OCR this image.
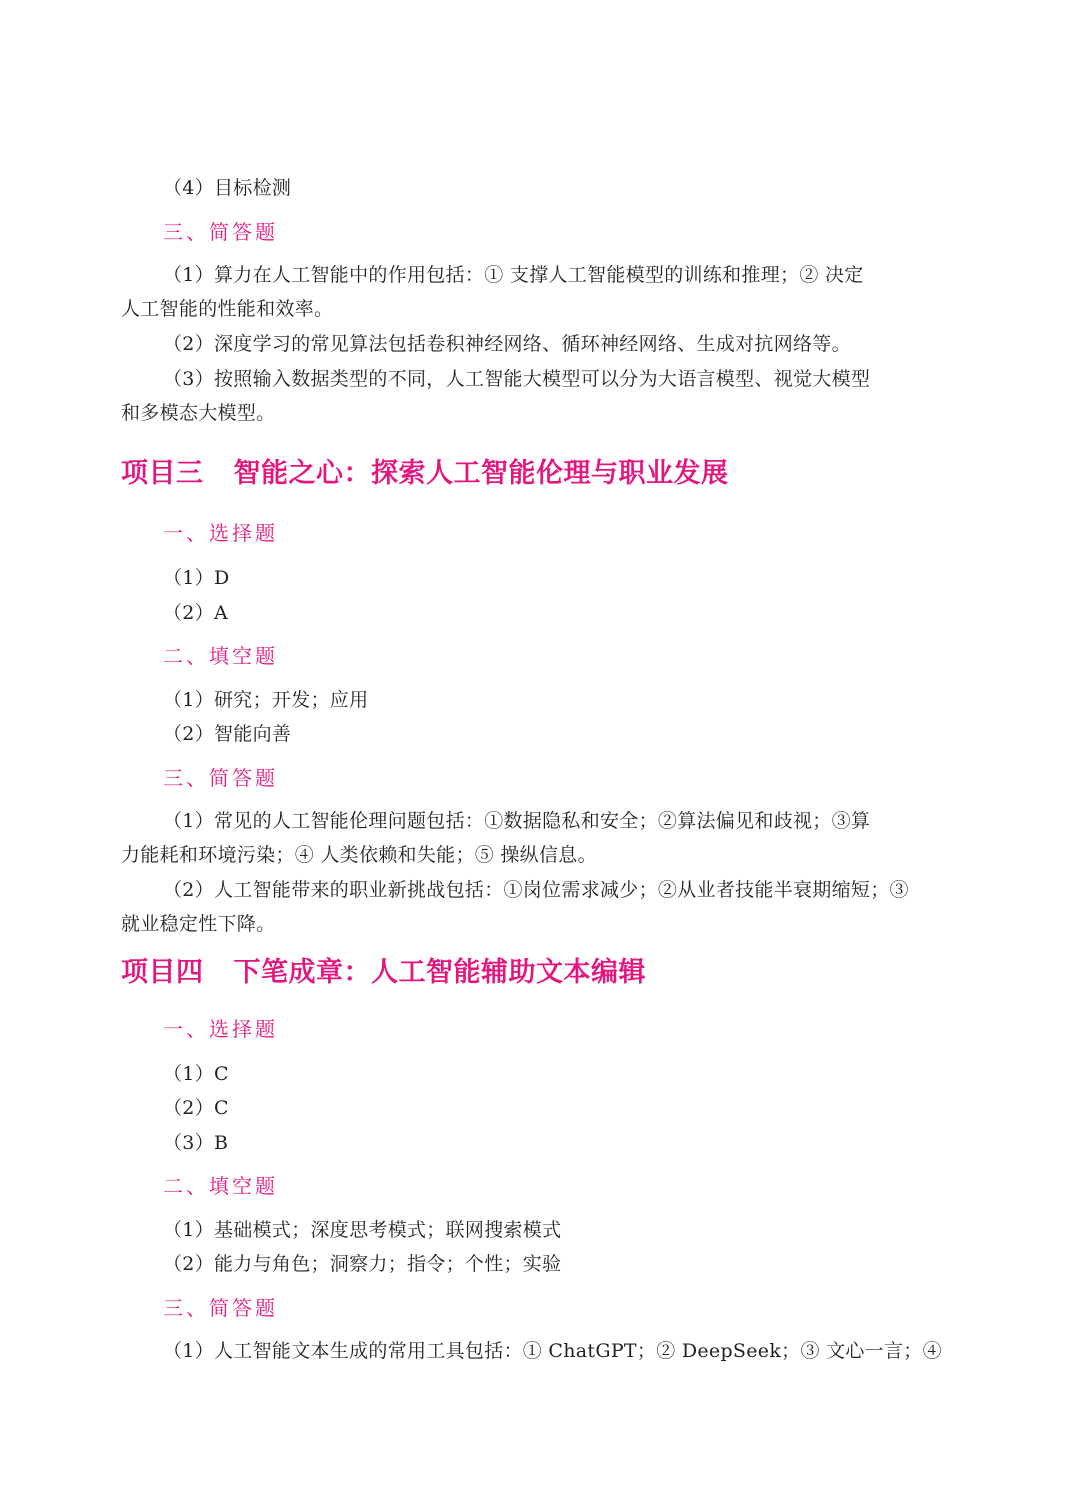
（4）目标检测
三、简答题
（1）算力在人工智能中的作用包括：① 支撑人工智能模型的训练和推理；② 决定
人工智能的性能和效率。
（2）深度学习的常见算法包括卷积神经网络、循环神经网络、生成对抗网络等。
（3）按照输入数据类型的不同，人工智能大模型可以分为大语言模型、视觉大模型
和多模态大模型。
项目三 智能之心：探索人工智能伦理与职业发展
一、选择题
（1）D
（2）A
二、填空题
（1）研究；开发；应用
（2）智能向善
三、简答题
（1）常见的人工智能伦理问题包括：①数据隐私和安全；②算法偏见和歧视；③算
力能耗和环境污染；④ 人类依赖和失能；⑤ 操纵信息。
（2）人工智能带来的职业新挑战包括：①岗位需求减少；②从业者技能半衰期缩短；③
就业稳定性下降。
项目四 下笔成章：人工智能辅助文本编辑
一、选择题
（1）C
（2）C
（3）B
二、填空题
（1）基础模式；深度思考模式；联网搜索模式
（2）能力与角色；洞察力；指令；个性；实验
三、简答题
（1）人工智能文本生成的常用工具包括：① ChatGPT；② DeepSeek；③ 文心一言；④
